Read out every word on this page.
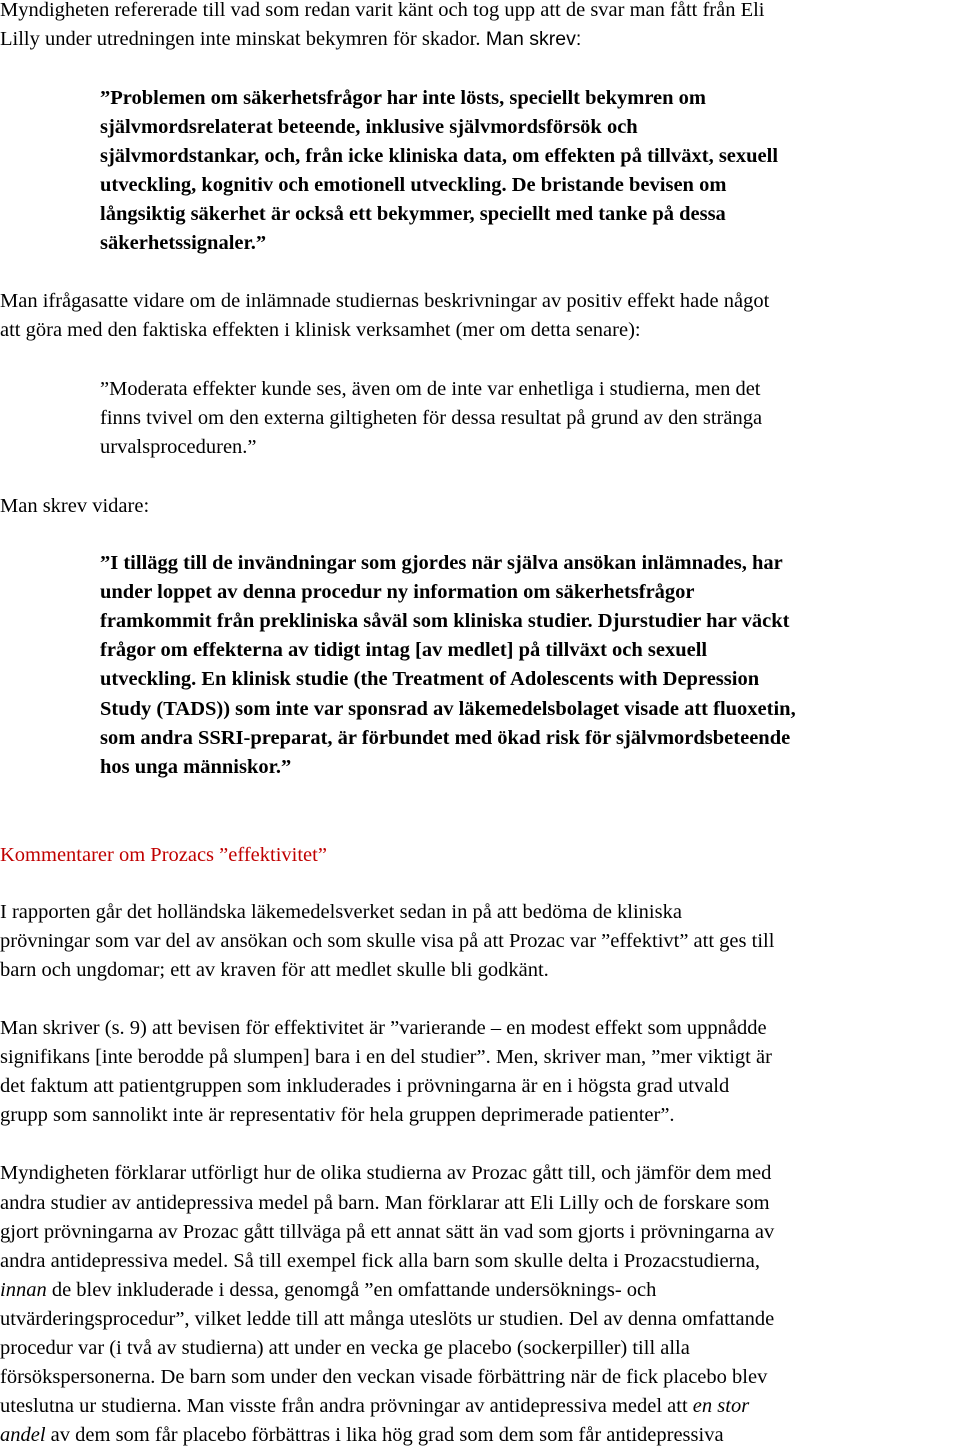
Myndigheten refererade till vad som redan varit känt och tog upp att de svar man fått från Eli
Lilly under utredningen inte minskat bekymren för skador. Man skrev:
”Problemen om säkerhetsfrågor har inte lösts, speciellt bekymren om
självmordsrelaterat beteende, inklusive självmordsförsök och
självmordstankar, och, från icke kliniska data, om effekten på tillväxt, sexuell
utveckling, kognitiv och emotionell utveckling. De bristande bevisen om
långsiktig säkerhet är också ett bekymmer, speciellt med tanke på dessa
säkerhetssignaler.”
Man ifrågasatte vidare om de inlämnade studiernas beskrivningar av positiv effekt hade något
att göra med den faktiska effekten i klinisk verksamhet (mer om detta senare):
”Moderata effekter kunde ses, även om de inte var enhetliga i studierna, men det
finns tvivel om den externa giltigheten för dessa resultat på grund av den stränga
urvalsproceduren.”
Man skrev vidare:
”I tillägg till de invändningar som gjordes när själva ansökan inlämnades, har
under loppet av denna procedur ny information om säkerhetsfrågor
framkommit från prekliniska såväl som kliniska studier. Djurstudier har väckt
frågor om effekterna av tidigt intag [av medlet] på tillväxt och sexuell
utveckling. En klinisk studie (the Treatment of Adolescents with Depression
Study (TADS)) som inte var sponsrad av läkemedelsbolaget visade att fluoxetin,
som andra SSRI-preparat, är förbundet med ökad risk för självmordsbeteende
hos unga människor.”
Kommentarer om Prozacs ”effektivitet”
I rapporten går det holländska läkemedelsverket sedan in på att bedöma de kliniska
prövningar som var del av ansökan och som skulle visa på att Prozac var ”effektivt” att ges till
barn och ungdomar; ett av kraven för att medlet skulle bli godkänt.
Man skriver (s. 9) att bevisen för effektivitet är ”varierande – en modest effekt som uppnådde
signifikans [inte berodde på slumpen] bara i en del studier”. Men, skriver man, ”mer viktigt är
det faktum att patientgruppen som inkluderades i prövningarna är en i högsta grad utvald
grupp som sannolikt inte är representativ för hela gruppen deprimerade patienter”.
Myndigheten förklarar utförligt hur de olika studierna av Prozac gått till, och jämför dem med
andra studier av antidepressiva medel på barn. Man förklarar att Eli Lilly och de forskare som
gjort prövningarna av Prozac gått tillväga på ett annat sätt än vad som gjorts i prövningarna av
andra antidepressiva medel. Så till exempel fick alla barn som skulle delta i Prozacstudierna,
innan de blev inkluderade i dessa, genomgå ”en omfattande undersöknings- och
utvärderingsprocedur”, vilket ledde till att många uteslöts ur studien. Del av denna omfattande
procedur var (i två av studierna) att under en vecka ge placebo (sockerpiller) till alla
försökspersonerna. De barn som under den veckan visade förbättring när de fick placebo blev
uteslutna ur studierna. Man visste från andra prövningar av antidepressiva medel att en stor
andel av dem som får placebo förbättras i lika hög grad som dem som får antidepressiva
